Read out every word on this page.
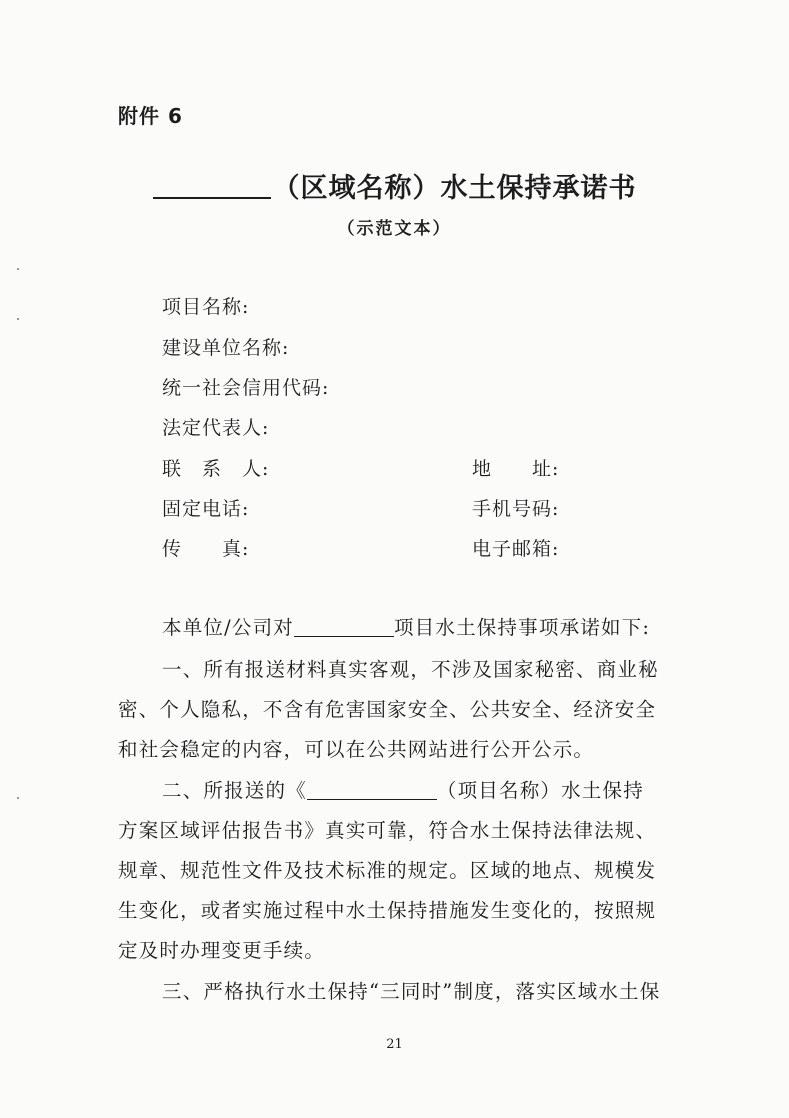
附件 6
（区域名称）水土保持承诺书
（示范文本）
项目名称:
建设单位名称:
统一社会信用代码:
法定代表人:
联　系　人:	地　　址:
固定电话:	手机号码:
传　　真:	电子邮箱:
本单位/公司对	项目水土保持事项承诺如下:
一、所有报送材料真实客观，不涉及国家秘密、商业秘
密、个人隐私，不含有危害国家安全、公共安全、经济安全
和社会稳定的内容，可以在公共网站进行公开公示。
二、所报送的《	（项目名称）水土保持
方案区域评估报告书》真实可靠，符合水土保持法律法规、
规章、规范性文件及技术标准的规定。区域的地点、规模发
生变化，或者实施过程中水土保持措施发生变化的，按照规
定及时办理变更手续。
三、严格执行水土保持“三同时”制度，落实区域水土保
21
